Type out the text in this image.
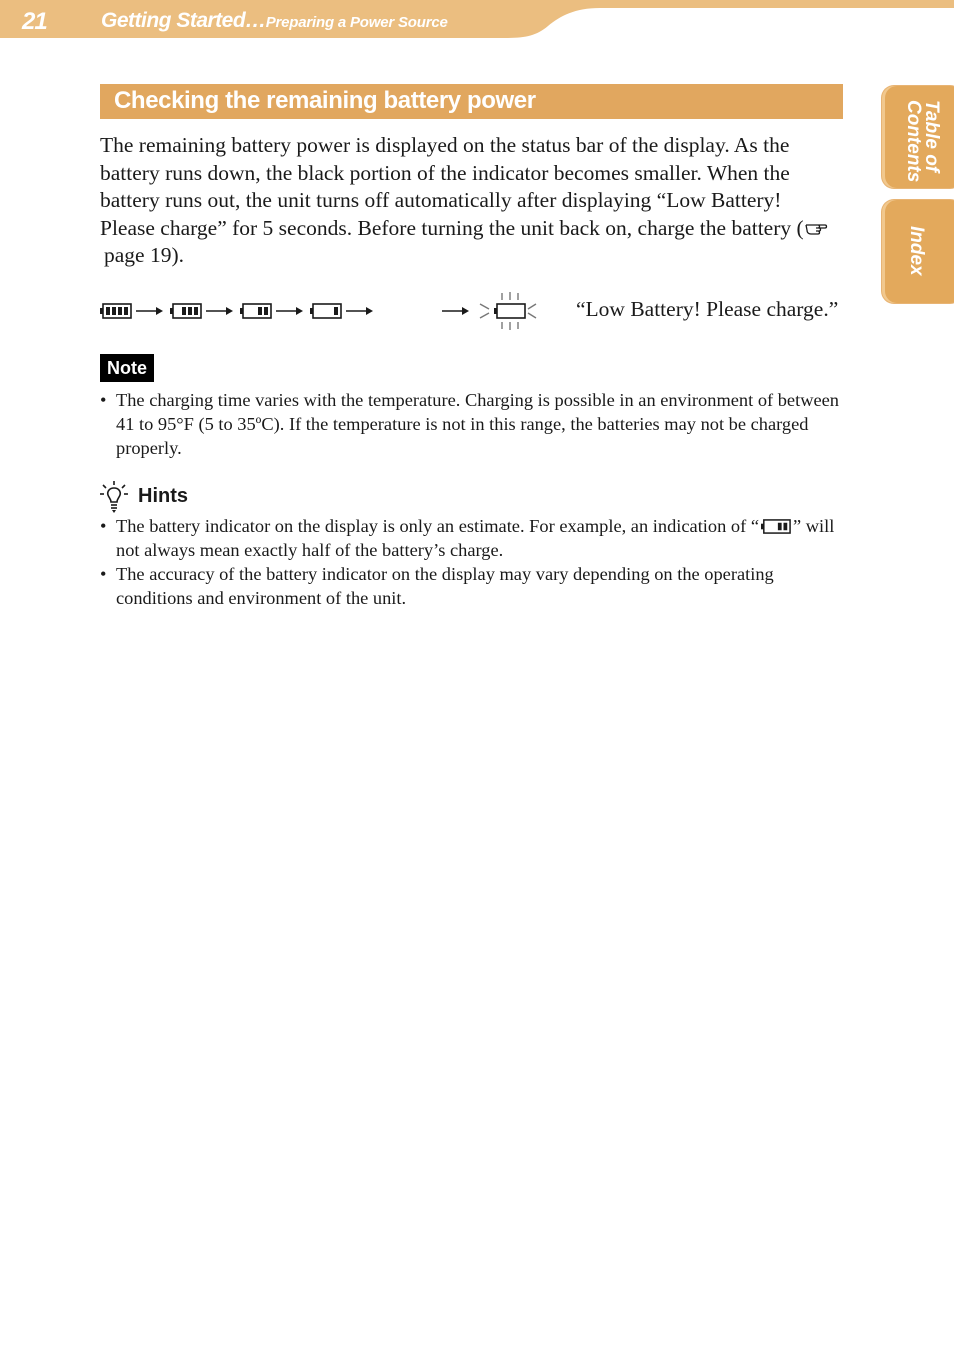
21	Getting Started…Preparing a Power Source
Table of Contents
Index
Checking the remaining battery power

The remaining battery power is displayed on the status bar of the display. As the battery runs down, the black portion of the indicator becomes smaller. When the battery runs out, the unit turns off automatically after displaying “Low Battery! Please charge” for 5 seconds. Before turning the unit back on, charge the battery (page 19).

“Low Battery! Please charge.”
Note
• The charging time varies with the temperature. Charging is possible in an environment of between 41 to 95°F (5 to 35ºC). If the temperature is not in this range, the batteries may not be charged properly.
Hints
• The battery indicator on the display is only an estimate. For example, an indication of “ ” will not always mean exactly half of the battery’s charge.
• The accuracy of the battery indicator on the display may vary depending on the operating conditions and environment of the unit.
